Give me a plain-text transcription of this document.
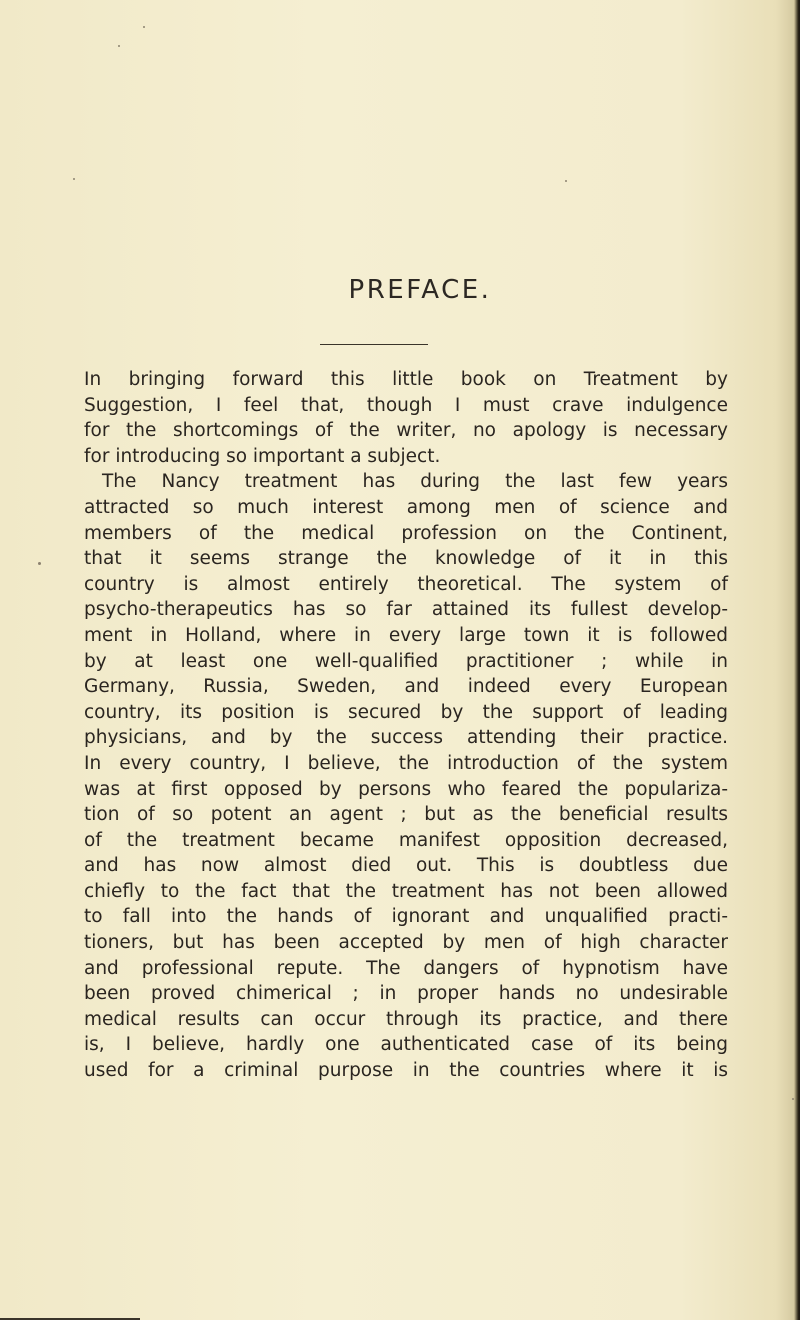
PREFACE.
In bringing forward this little book on Treatment by
Suggestion, I feel that, though I must crave indulgence
for the shortcomings of the writer, no apology is necessary
for introducing so important a subject.
The Nancy treatment has during the last few years
attracted so much interest among men of science and
members of the medical profession on the Continent,
that it seems strange the knowledge of it in this
country is almost entirely theoretical. The system of
psycho-therapeutics has so far attained its fullest develop-
ment in Holland, where in every large town it is followed
by at least one well-qualified practitioner ; while in
Germany, Russia, Sweden, and indeed every European
country, its position is secured by the support of leading
physicians, and by the success attending their practice.
In every country, I believe, the introduction of the system
was at first opposed by persons who feared the populariza-
tion of so potent an agent ; but as the beneficial results
of the treatment became manifest opposition decreased,
and has now almost died out. This is doubtless due
chiefly to the fact that the treatment has not been allowed
to fall into the hands of ignorant and unqualified practi-
tioners, but has been accepted by men of high character
and professional repute. The dangers of hypnotism have
been proved chimerical ; in proper hands no undesirable
medical results can occur through its practice, and there
is, I believe, hardly one authenticated case of its being
used for a criminal purpose in the countries where it is
